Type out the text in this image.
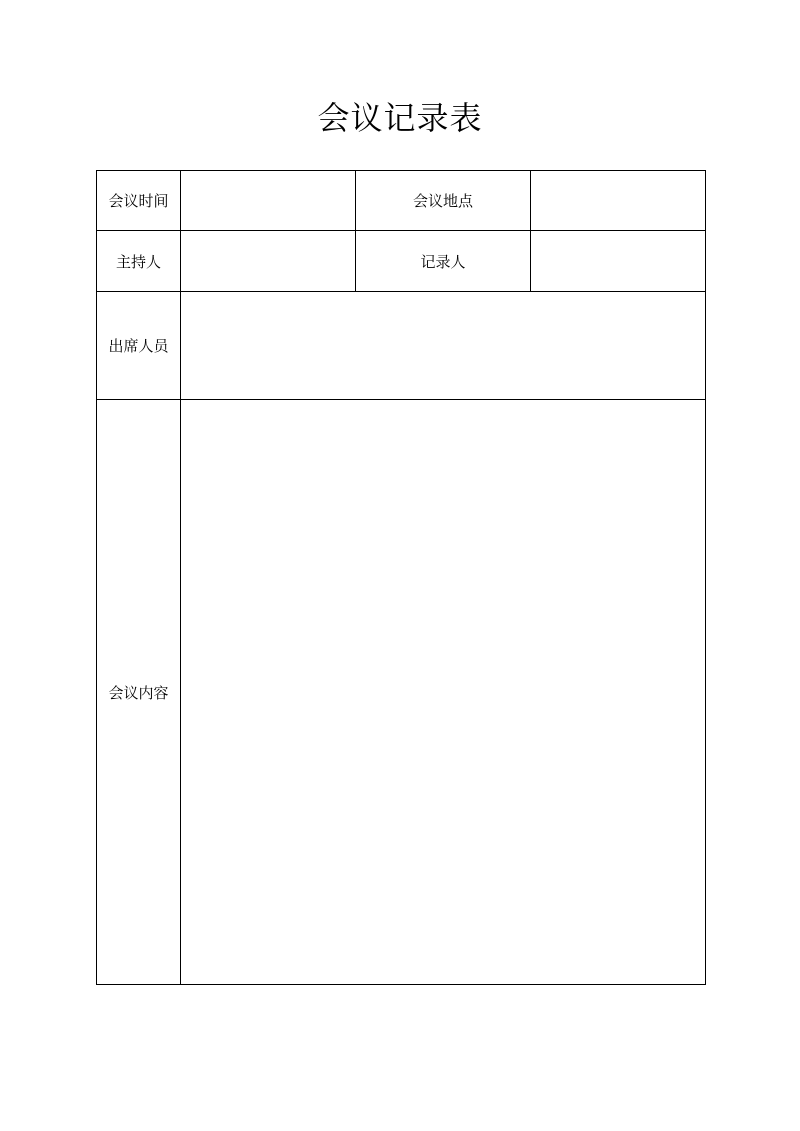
会议记录表
会议时间		会议地点	
主持人		记录人	
出席人员			
会议内容			
